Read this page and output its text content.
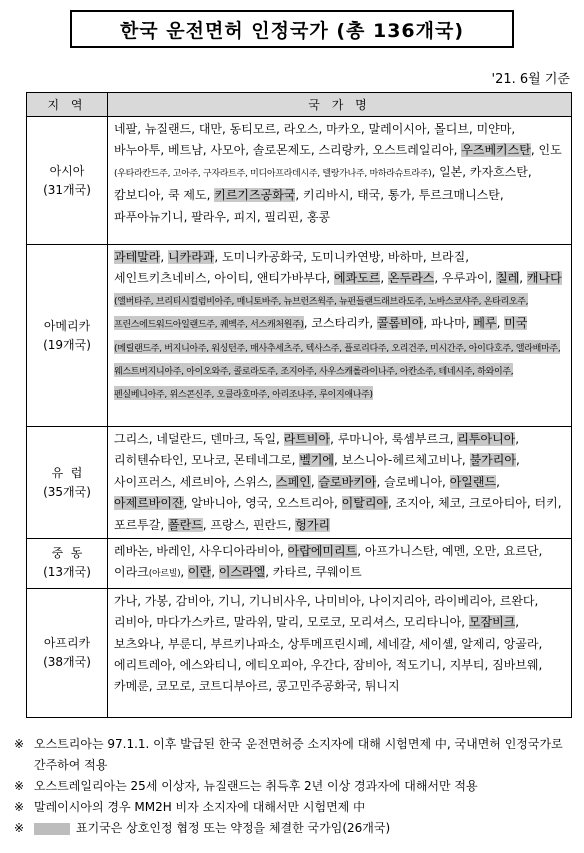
한국 운전면허 인정국가 (총 136개국)
'21. 6월 기준
지 역	국 가 명

아시아
(31개국)	네팔, 뉴질랜드, 대만, 동티모르, 라오스, 마카오, 말레이시아, 몰디브, 미얀마, 바누아투, 베트남, 사모아, 솔로몬제도, 스리랑카, 오스트레일리아, 우즈베키스탄, 인도(우타라칸드주, 고아주, 구자라트주, 미디아프라데시주, 텔랑가나주, 마하라슈트라주), 일본, 카자흐스탄, 캄보디아, 쿡 제도, 키르기즈공화국, 키리바시, 태국, 통가, 투르크매니스탄, 파푸아뉴기니, 팔라우, 피지, 필리핀, 홍콩

아메리카
(19개국)	과테말라, 니카라과, 도미니카공화국, 도미니카연방, 바하마, 브라질, 세인트키츠네비스, 아이티, 앤티가바부다, 에콰도르, 온두라스, 우루과이, 칠레, 캐나다(앨버타주, 브리티시컬럼비아주, 매니토바주, 뉴브런즈윅주, 뉴펀들랜드래브라도주, 노바스코샤주, 온타리오주, 프린스에드워드아일랜드주, 퀘벡주, 서스캐처원주), 코스타리카, 콜롬비아, 파나마, 페루, 미국(메릴랜드주, 버지니아주, 워싱턴주, 매사추세츠주, 텍사스주, 플로리다주, 오리건주, 미시간주, 아이다호주, 앨라배마주, 웨스트버지니아주, 아이오와주, 콜로라도주, 조지아주, 사우스캐롤라이나주, 아칸소주, 테네시주, 하와이주, 펜실베니아주, 위스콘신주, 오클라호마주, 아리조나주, 루이지애나주)

유  럽
(35개국)	그리스, 네덜란드, 덴마크, 독일, 라트비아, 루마니아, 룩셈부르크, 리투아니아, 리히텐슈타인, 모나코, 몬테네그로, 벨기에, 보스니아-헤르체고비나, 불가리아, 사이프러스, 세르비아, 스위스, 스페인, 슬로바키아, 슬로베니아, 아일랜드, 아제르바이잔, 알바니아, 영국, 오스트리아, 이탈리아, 조지아, 체코, 크로아티아, 터키, 포르투갈, 폴란드, 프랑스, 핀란드, 헝가리

중  동
(13개국)	레바논, 바레인, 사우디아라비아, 아랍에미리트, 아프가니스탄, 예멘, 오만, 요르단, 이라크(아르빌), 이란, 이스라엘, 카타르, 쿠웨이트

아프리카
(38개국)	가나, 가봉, 감비아, 기니, 기니비사우, 나미비아, 나이지리아, 라이베리아, 르완다, 리비아, 마다가스카르, 말라위, 말리, 모로코, 모리셔스, 모리타니아, 모잠비크, 보츠와나, 부룬디, 부르키나파소, 상투메프린시페, 세네갈, 세이셸, 알제리, 앙골라, 에리트레아, 에스와티니, 에티오피아, 우간다, 잠비아, 적도기니, 지부티, 짐바브웨, 카메룬, 코모로, 코트디부아르, 콩고민주공화국, 튀니지
※ 오스트리아는 97.1.1. 이후 발급된 한국 운전면허증 소지자에 대해 시험면제 中, 국내면허 인정국가로 간주하여 적용
※ 오스트레일리아는 25세 이상자, 뉴질랜드는 취득후 2년 이상 경과자에 대해서만 적용
※ 말레이시아의 경우 MM2H 비자 소지자에 대해서만 시험면제 中
※	표기국은 상호인정 협정 또는 약정을 체결한 국가임(26개국)
